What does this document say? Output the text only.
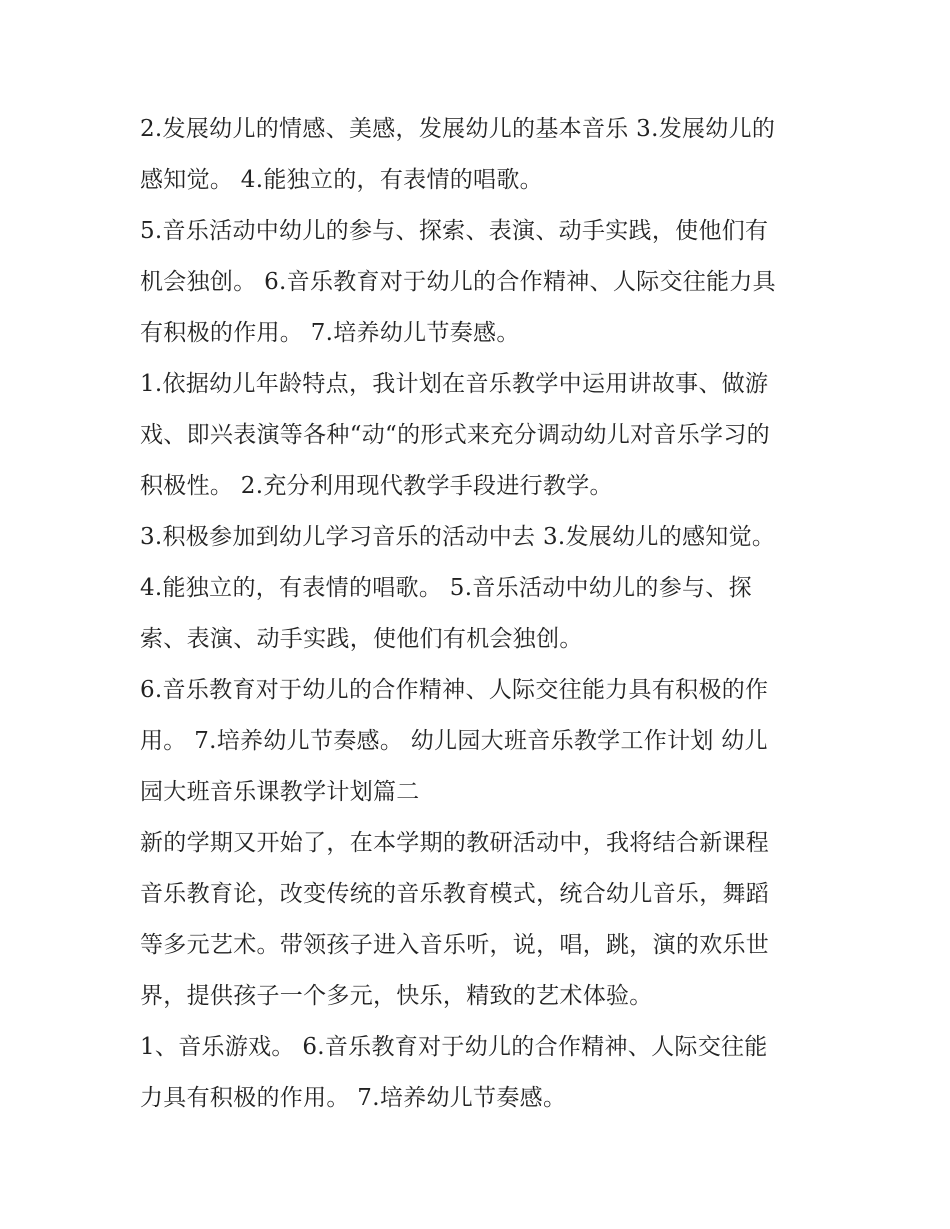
2.发展幼儿的情感、美感，发展幼儿的基本音乐 3.发展幼儿的
感知觉。 4.能独立的，有表情的唱歌。

5.音乐活动中幼儿的参与、探索、表演、动手实践，使他们有
机会独创。 6.音乐教育对于幼儿的合作精神、人际交往能力具
有积极的作用。 7.培养幼儿节奏感。

1.依据幼儿年龄特点，我计划在音乐教学中运用讲故事、做游
戏、即兴表演等各种“动“的形式来充分调动幼儿对音乐学习的
积极性。 2.充分利用现代教学手段进行教学。

3.积极参加到幼儿学习音乐的活动中去 3.发展幼儿的感知觉。

4.能独立的，有表情的唱歌。 5.音乐活动中幼儿的参与、探
索、表演、动手实践，使他们有机会独创。

6.音乐教育对于幼儿的合作精神、人际交往能力具有积极的作
用。 7.培养幼儿节奏感。 幼儿园大班音乐教学工作计划 幼儿
园大班音乐课教学计划篇二

新的学期又开始了，在本学期的教研活动中，我将结合新课程
音乐教育论，改变传统的音乐教育模式，统合幼儿音乐，舞蹈
等多元艺术。带领孩子进入音乐听，说，唱，跳，演的欢乐世
界，提供孩子一个多元，快乐，精致的艺术体验。

1、音乐游戏。 6.音乐教育对于幼儿的合作精神、人际交往能
力具有积极的作用。 7.培养幼儿节奏感。
